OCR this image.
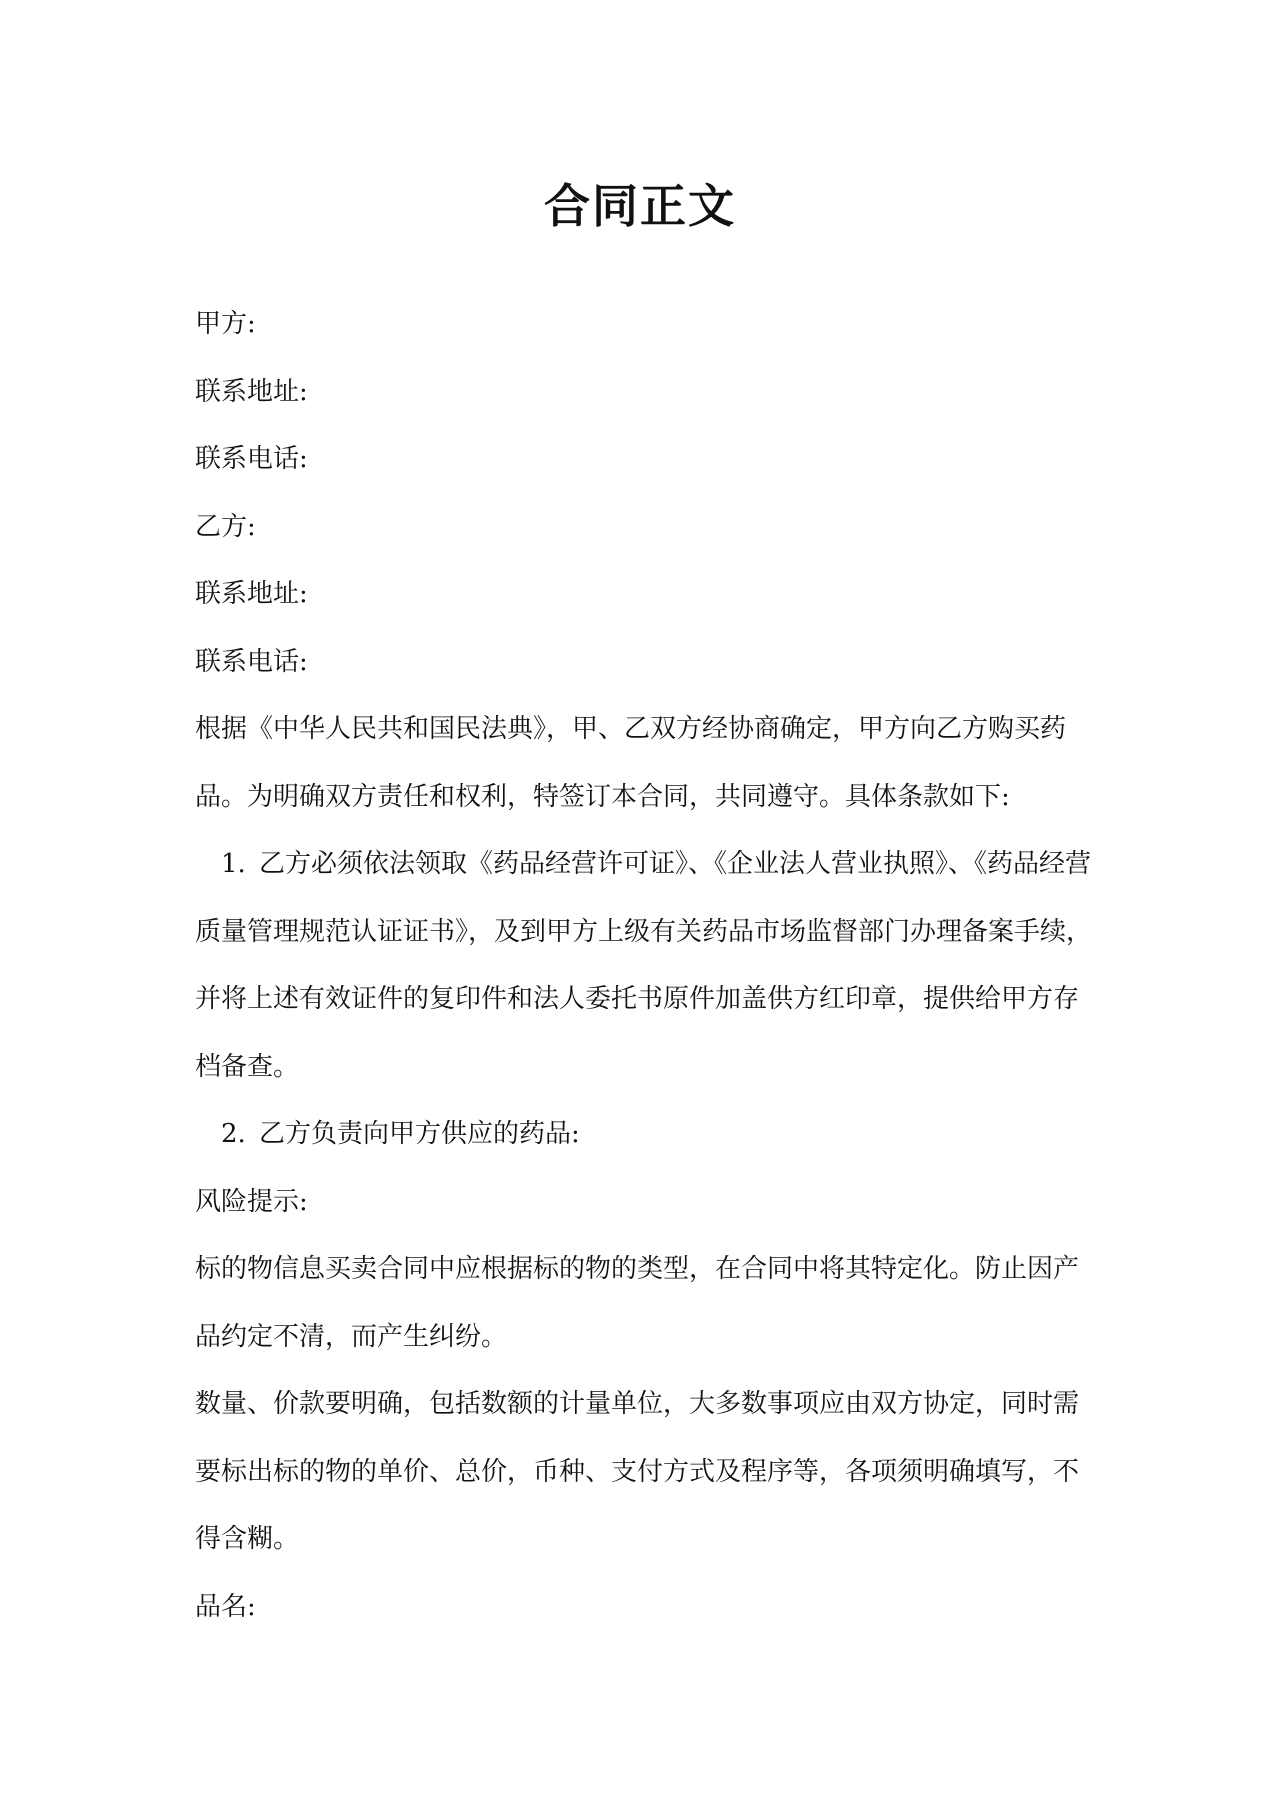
合同正文

甲方:

联系地址:

联系电话:

乙方:

联系地址:

联系电话:

根据《中华人民共和国民法典》，甲、乙双方经协商确定，甲方向乙方购买药

品。为明确双方责任和权利，特签订本合同，共同遵守。具体条款如下:

1. 乙方必须依法领取《药品经营许可证》、《企业法人营业执照》、《药品经营

质量管理规范认证证书》，及到甲方上级有关药品市场监督部门办理备案手续，

并将上述有效证件的复印件和法人委托书原件加盖供方红印章，提供给甲方存

档备查。

2. 乙方负责向甲方供应的药品:

风险提示:

标的物信息买卖合同中应根据标的物的类型，在合同中将其特定化。防止因产

品约定不清，而产生纠纷。

数量、价款要明确，包括数额的计量单位，大多数事项应由双方协定，同时需

要标出标的物的单价、总价，币种、支付方式及程序等，各项须明确填写，不

得含糊。

品名:
